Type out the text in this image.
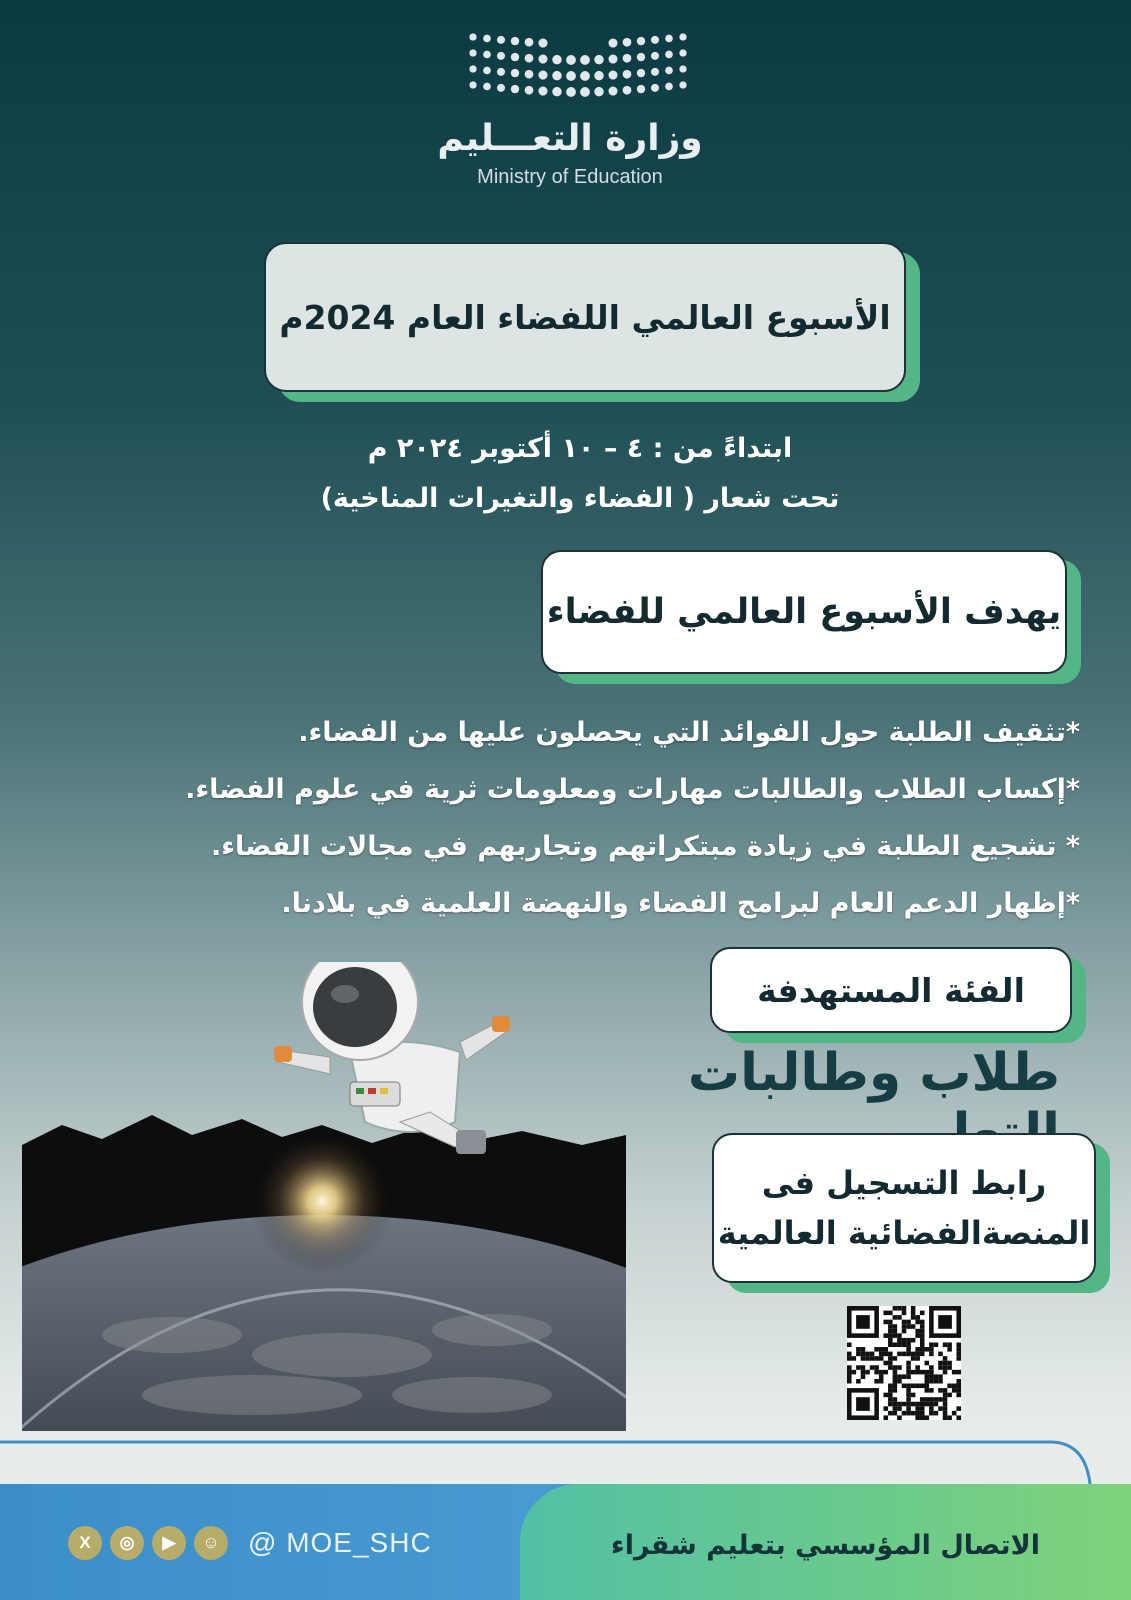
وزارة التعـــليم
Ministry of Education
الأسبوع العالمي اللفضاء العام 2024م
ابتداءً من : ٤ – ١٠ أكتوبر ٢٠٢٤ م
تحت شعار ( الفضاء والتغيرات المناخية)
يهدف الأسبوع العالمي للفضاء
*تثقيف الطلبة حول الفوائد التي يحصلون عليها من الفضاء.
*إكساب الطلاب والطالبات مهارات ومعلومات ثرية في علوم الفضاء.
* تشجيع الطلبة في زيادة مبتكراتهم وتجاربهم في مجالات الفضاء.
*إظهار الدعم العام لبرامج الفضاء والنهضة العلمية في بلادنا.
الفئة المستهدفة
طلاب وطالبات
رابط التسجيل فى
المنصةالفضائية العالمية
الاتصال المؤسسي بتعليم شقراء
X	◎	▶	☺ @ MOE_SHC
